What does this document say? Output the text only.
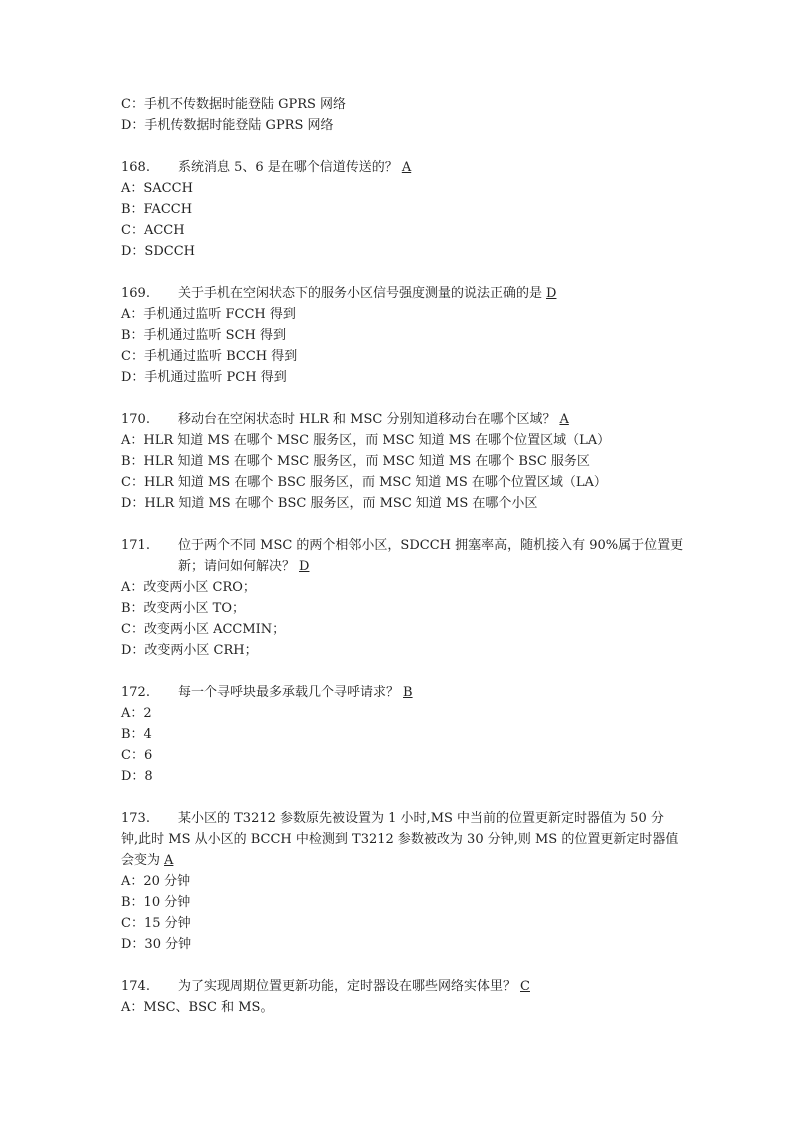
C：手机不传数据时能登陆 GPRS 网络
D：手机传数据时能登陆 GPRS 网络
168.	系统消息 5、6 是在哪个信道传送的？ A
A：SACCH
B：FACCH
C：ACCH
D：SDCCH
169.	关于手机在空闲状态下的服务小区信号强度测量的说法正确的是 D
A：手机通过监听 FCCH 得到
B：手机通过监听 SCH 得到
C：手机通过监听 BCCH 得到
D：手机通过监听 PCH 得到
170.	移动台在空闲状态时 HLR 和 MSC 分别知道移动台在哪个区域？ A
A：HLR 知道 MS 在哪个 MSC 服务区，而 MSC 知道 MS 在哪个位置区域（LA）
B：HLR 知道 MS 在哪个 MSC 服务区，而 MSC 知道 MS 在哪个 BSC 服务区
C：HLR 知道 MS 在哪个 BSC 服务区，而 MSC 知道 MS 在哪个位置区域（LA）
D：HLR 知道 MS 在哪个 BSC 服务区，而 MSC 知道 MS 在哪个小区
171.	位于两个不同 MSC 的两个相邻小区，SDCCH 拥塞率高，随机接入有 90%属于位置更
新；请问如何解决？ D
A：改变两小区 CRO；
B：改变两小区 TO；
C：改变两小区 ACCMIN；
D：改变两小区 CRH；
172.	每一个寻呼块最多承载几个寻呼请求？ B
A：2
B：4
C：6
D：8
173.	某小区的 T3212 参数原先被设置为 1 小时,MS 中当前的位置更新定时器值为 50 分
钟,此时 MS 从小区的 BCCH 中检测到 T3212 参数被改为 30 分钟,则 MS 的位置更新定时器值
会变为 A
A：20 分钟
B：10 分钟
C：15 分钟
D：30 分钟
174.	为了实现周期位置更新功能，定时器设在哪些网络实体里？ C
A：MSC、BSC 和 MS。
